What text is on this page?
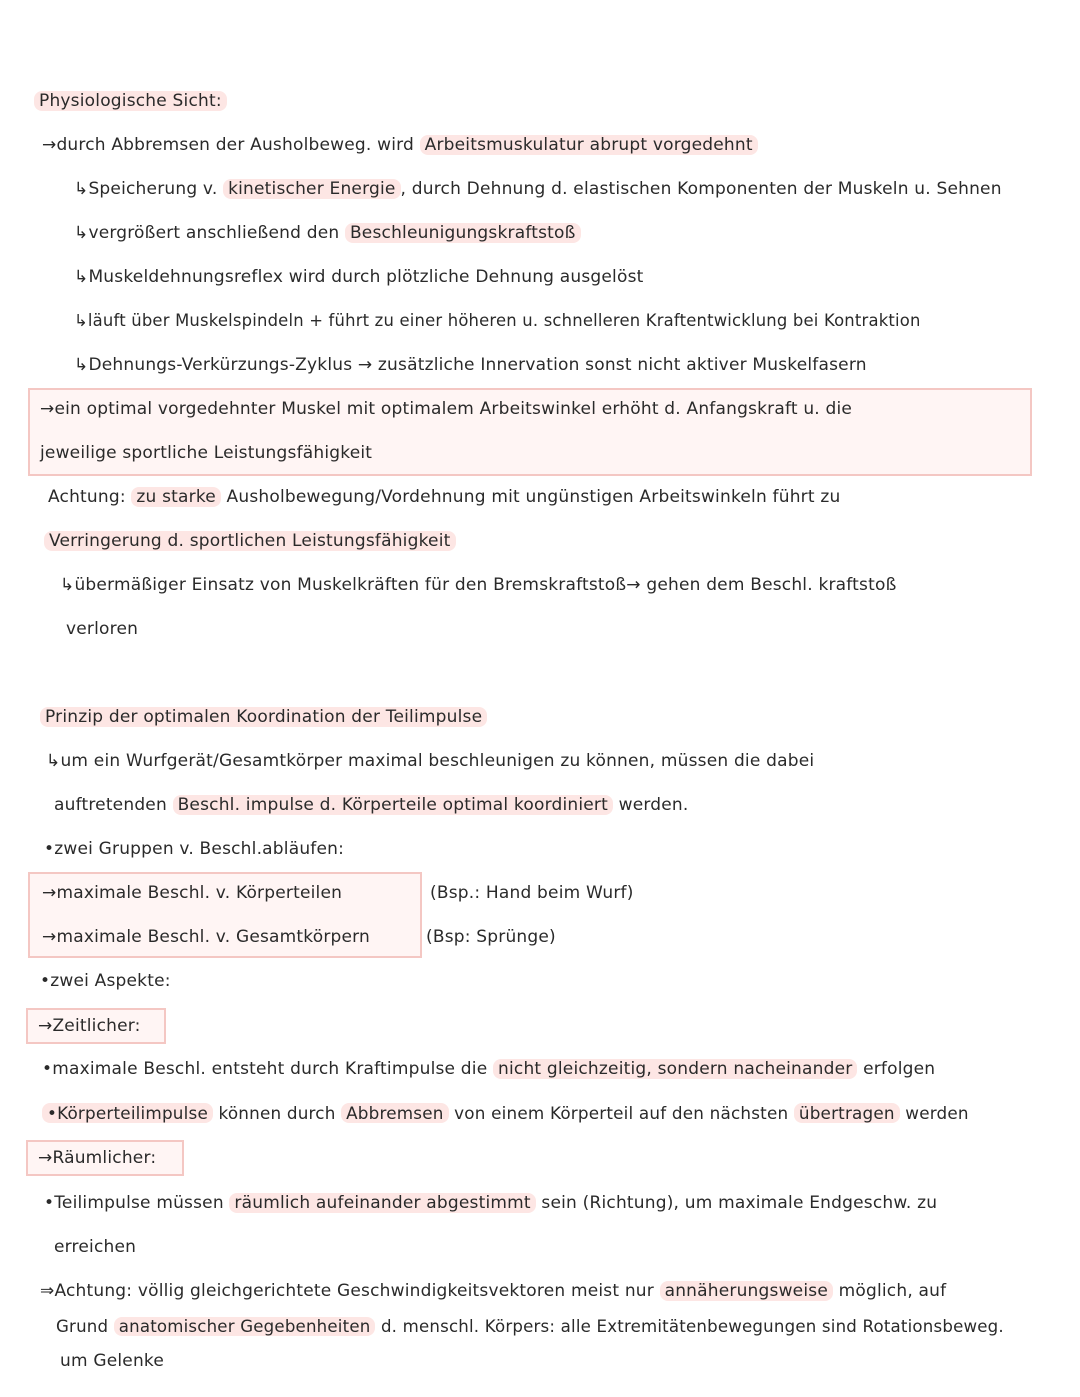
Physiologische Sicht:
→durch Abbremsen der Ausholbeweg. wird Arbeitsmuskulatur abrupt vorgedehnt
↳Speicherung v. kinetischer Energie , durch Dehnung d. elastischen Komponenten der Muskeln u. Sehnen
↳vergrößert anschließend den Beschleunigungskraftstoß
↳Muskeldehnungsreflex wird durch plötzliche Dehnung ausgelöst
↳läuft über Muskelspindeln + führt zu einer höheren u. schnelleren Kraftentwicklung bei Kontraktion
↳Dehnungs-Verkürzungs-Zyklus → zusätzliche Innervation sonst nicht aktiver Muskelfasern
→ein optimal vorgedehnter Muskel mit optimalem Arbeitswinkel erhöht d. Anfangskraft u. die
jeweilige sportliche Leistungsfähigkeit
Achtung: zu starke Ausholbewegung/Vordehnung mit ungünstigen Arbeitswinkeln führt zu
Verringerung d. sportlichen Leistungsfähigkeit
↳übermäßiger Einsatz von Muskelkräften für den Bremskraftstoß→ gehen dem Beschl. kraftstoß
verloren
Prinzip der optimalen Koordination der Teilimpulse
↳um ein Wurfgerät/Gesamtkörper maximal beschleunigen zu können, müssen die dabei
auftretenden Beschl. impulse d. Körperteile optimal koordiniert werden.
•zwei Gruppen v. Beschl.abläufen:
→maximale Beschl. v. Körperteilen	(Bsp.: Hand beim Wurf)
→maximale Beschl. v. Gesamtkörpern	(Bsp: Sprünge)
•zwei Aspekte:
→Zeitlicher:
•maximale Beschl. entsteht durch Kraftimpulse die nicht gleichzeitig, sondern nacheinander erfolgen
•Körperteilimpulse können durch Abbremsen von einem Körperteil auf den nächsten übertragen werden
→Räumlicher:
•Teilimpulse müssen räumlich aufeinander abgestimmt sein (Richtung), um maximale Endgeschw. zu
erreichen
⇒Achtung: völlig gleichgerichtete Geschwindigkeitsvektoren meist nur annäherungsweise möglich, auf
Grund anatomischer Gegebenheiten d. menschl. Körpers: alle Extremitätenbewegungen sind Rotationsbeweg.
um Gelenke
